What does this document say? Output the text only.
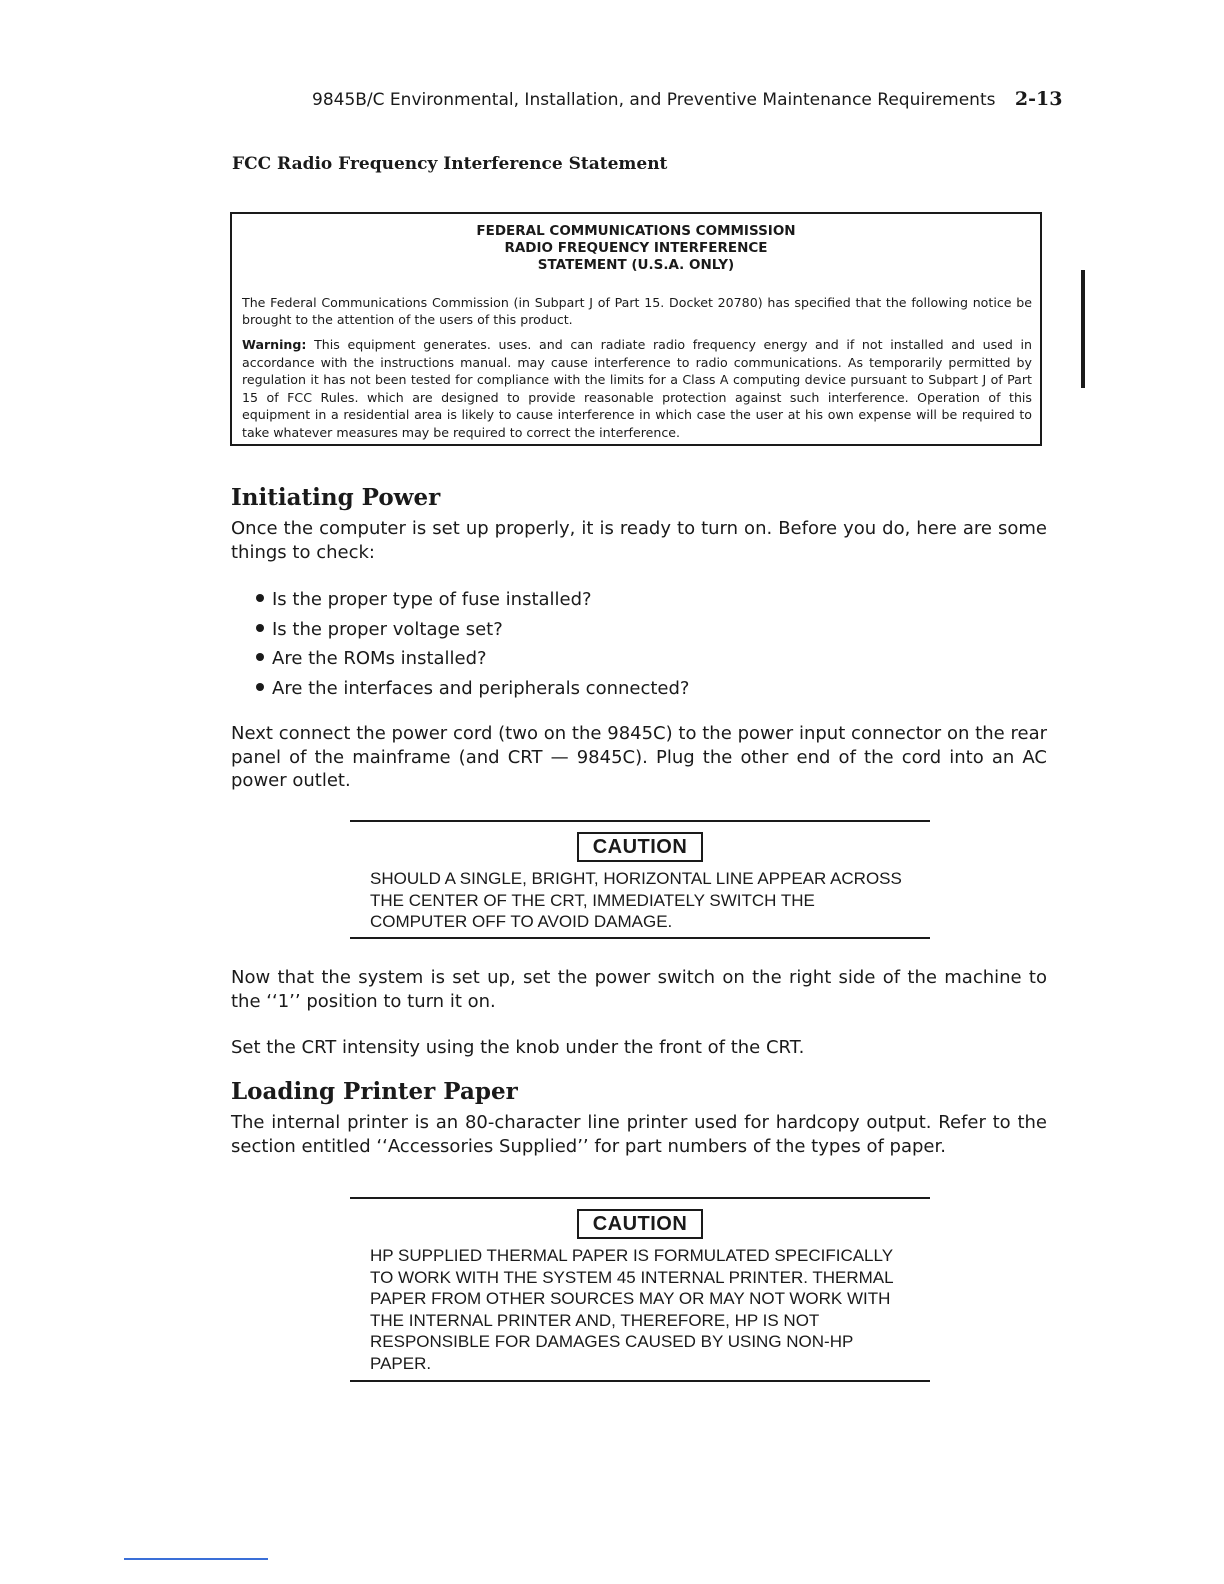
9845B/C Environmental, Installation, and Preventive Maintenance Requirements 2-13
FCC Radio Frequency Interference Statement
FEDERAL COMMUNICATIONS COMMISSION
RADIO FREQUENCY INTERFERENCE
STATEMENT (U.S.A. ONLY)
The Federal Communications Commission (in Subpart J of Part 15. Docket 20780) has specified that the following notice be brought to the attention of the users of this product.
Warning: This equipment generates. uses. and can radiate radio frequency energy and if not installed and used in accordance with the instructions manual. may cause interference to radio communications. As temporarily permitted by regulation it has not been tested for compliance with the limits for a Class A computing device pursuant to Subpart J of Part 15 of FCC Rules. which are designed to provide reasonable protection against such interference. Operation of this equipment in a residential area is likely to cause interference in which case the user at his own expense will be required to take whatever measures may be required to correct the interference.
Initiating Power
Once the computer is set up properly, it is ready to turn on. Before you do, here are some things to check:
Is the proper type of fuse installed?
Is the proper voltage set?
Are the ROMs installed?
Are the interfaces and peripherals connected?
Next connect the power cord (two on the 9845C) to the power input connector on the rear panel of the mainframe (and CRT — 9845C). Plug the other end of the cord into an AC power outlet.
CAUTION
SHOULD A SINGLE, BRIGHT, HORIZONTAL LINE APPEAR ACROSS THE CENTER OF THE CRT, IMMEDIATELY SWITCH THE COMPUTER OFF TO AVOID DAMAGE.
Now that the system is set up, set the power switch on the right side of the machine to the ‘‘1’’ position to turn it on.
Set the CRT intensity using the knob under the front of the CRT.
Loading Printer Paper
The internal printer is an 80-character line printer used for hardcopy output. Refer to the section entitled ‘‘Accessories Supplied’’ for part numbers of the types of paper.
CAUTION
HP SUPPLIED THERMAL PAPER IS FORMULATED SPECIFICALLY TO WORK WITH THE SYSTEM 45 INTERNAL PRINTER. THERMAL PAPER FROM OTHER SOURCES MAY OR MAY NOT WORK WITH THE INTERNAL PRINTER AND, THEREFORE, HP IS NOT RESPONSIBLE FOR DAMAGES CAUSED BY USING NON-HP PAPER.
